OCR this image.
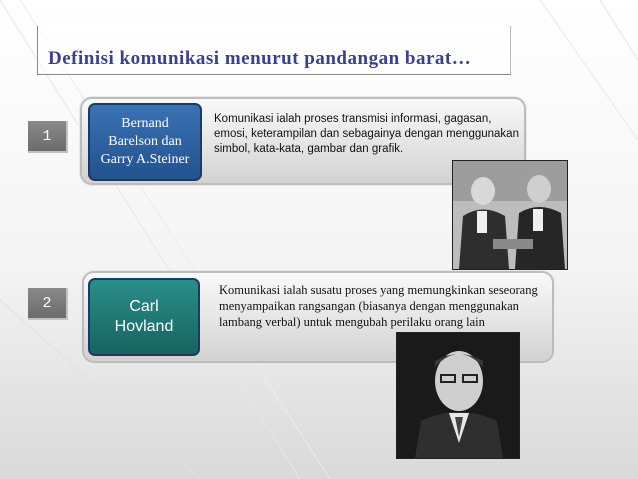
Definisi komunikasi menurut pandangan barat…
1
Bernand
Barelson dan
Garry A.Steiner
Komunikasi ialah proses transmisi informasi, gagasan, emosi, keterampilan dan sebagainya dengan menggunakan simbol, kata-kata, gambar dan grafik.
2	Carl
Hovland
Komunikasi ialah susatu proses yang memungkinkan seseorang menyampaikan rangsangan (biasanya dengan menggunakan lambang verbal) untuk mengubah perilaku orang lain
